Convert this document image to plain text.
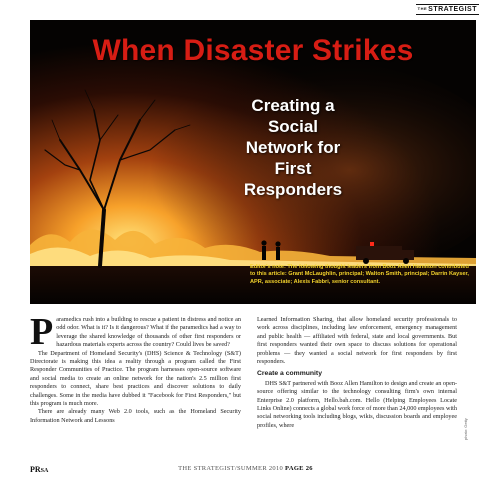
$^{THE}$STRATEGIST
When Disaster Strikes
Creating a
Social
Network for
First
Responders
Editor's note: The following thought leaders from Booz Allen Hamilton contributed to this article: Grant McLaughlin, principal; Walton Smith, principal; Darrin Kayser, APR, associate; Alexis Fabbri, senior consultant.

Paramedics rush into a building to rescue a patient in distress and notice an odd odor. What is it? Is it dangerous? What if the paramedics had a way to leverage the shared knowledge of thousands of other first responders or hazardous materials experts across the country? Could lives be saved?

The Department of Homeland Security's (DHS) Science & Technology (S&T) Directorate is making this idea a reality through a program called the First Responder Communities of Practice. The program harnesses open-source software and social media to create an online network for the nation's 2.5 million first responders to connect, share best practices and discover solutions to daily challenges. Some in the media have dubbed it "Facebook for First Responders," but this program is much more.

There are already many Web 2.0 tools, such as the Homeland Security Information Network and Lessons

Learned Information Sharing, that allow homeland security professionals to work across disciplines, including law enforcement, emergency management and public health — affiliated with federal, state and local governments. But first responders wanted their own space to discuss solutions for operational problems — they wanted a social network for first responders by first responders.

Create a community

DHS S&T partnered with Booz Allen Hamilton to design and create an open-source offering similar to the technology consulting firm's own internal Enterprise 2.0 platform, Hello.bah.com. Hello (Helping Employees Locate Links Online) connects a global work force of more than 24,000 employees with social networking tools including blogs, wikis, discussion boards and employee profiles, where	photo: Getty
PRSA	THE STRATEGIST/SUMMER 2010 PAGE 26
